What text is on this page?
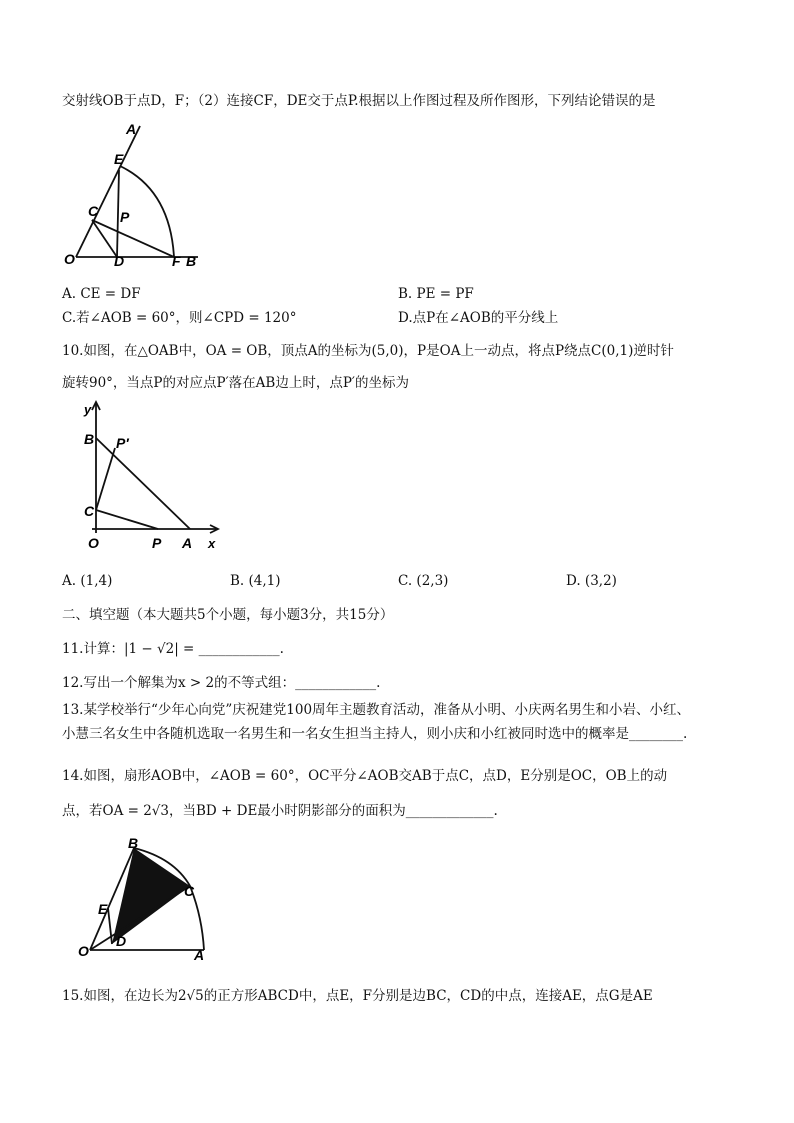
交射线OB于点D，F；（2）连接CF，DE交于点P.根据以上作图过程及所作图形，下列结论错误的是
A
E
C P
O	D	F B
A. CE = DF	B. PE = PF
C.若∠AOB = 60°，则∠CPD = 120°	D.点P在∠AOB的平分线上
10.如图，在△OAB中，OA = OB，顶点A的坐标为(5,0)，P是OA上一动点，将点P绕点C(0,1)逆时针
旋转90°，当点P的对应点P′落在AB边上时，点P′的坐标为
y
B P′
C
O	P A x
A. (1,4)	B. (4,1)	C. (2,3)	D. (3,2)
二、填空题（本大题共5个小题，每小题3分，共15分）
11.计算：|1 − √2| = ____________.
12.写出一个解集为x > 2的不等式组：____________.
13.某学校举行“少年心向党”庆祝建党100周年主题教育活动，准备从小明、小庆两名男生和小岩、小红、
小慧三名女生中各随机选取一名男生和一名女生担当主持人，则小庆和小红被同时选中的概率是________.
14.如图，扇形AOB中，∠AOB = 60°，OC平分∠AOB交AB于点C，点D，E分别是OC，OB上的动
点，若OA = 2√3，当BD + DE最小时阴影部分的面积为_____________.
B
C
E
O
D
A
15.如图，在边长为2√5的正方形ABCD中，点E，F分别是边BC，CD的中点，连接AE，点G是AE
